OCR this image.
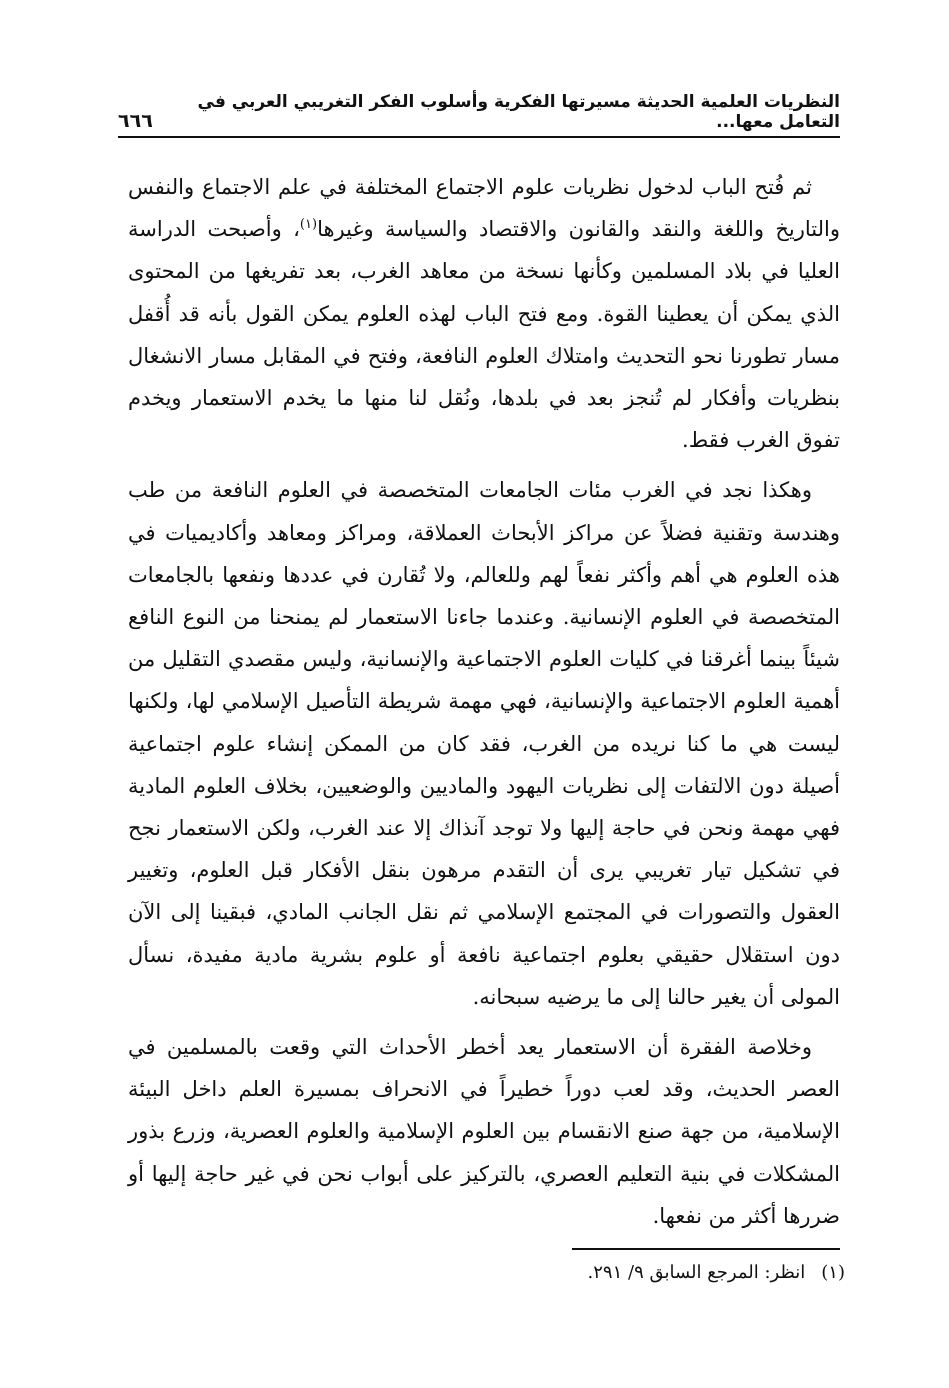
النظريات العلمية الحديثة مسيرتها الفكرية وأسلوب الفكر التغريبي العربي في التعامل معها...
٦٦٦

ثم فُتح الباب لدخول نظريات علوم الاجتماع المختلفة في علم الاجتماع والنفس والتاريخ واللغة والنقد والقانون والاقتصاد والسياسة وغيرها$^{(١)}$، وأصبحت الدراسة العليا في بلاد المسلمين وكأنها نسخة من معاهد الغرب، بعد تفريغها من المحتوى الذي يمكن أن يعطينا القوة. ومع فتح الباب لهذه العلوم يمكن القول بأنه قد أُقفل مسار تطورنا نحو التحديث وامتلاك العلوم النافعة، وفتح في المقابل مسار الانشغال بنظريات وأفكار لم تُنجز بعد في بلدها، ونُقل لنا منها ما يخدم الاستعمار ويخدم تفوق الغرب فقط.

وهكذا نجد في الغرب مئات الجامعات المتخصصة في العلوم النافعة من طب وهندسة وتقنية فضلاً عن مراكز الأبحاث العملاقة، ومراكز ومعاهد وأكاديميات في هذه العلوم هي أهم وأكثر نفعاً لهم وللعالم، ولا تُقارن في عددها ونفعها بالجامعات المتخصصة في العلوم الإنسانية. وعندما جاءنا الاستعمار لم يمنحنا من النوع النافع شيئاً بينما أغرقنا في كليات العلوم الاجتماعية والإنسانية، وليس مقصدي التقليل من أهمية العلوم الاجتماعية والإنسانية، فهي مهمة شريطة التأصيل الإسلامي لها، ولكنها ليست هي ما كنا نريده من الغرب، فقد كان من الممكن إنشاء علوم اجتماعية أصيلة دون الالتفات إلى نظريات اليهود والماديين والوضعيين، بخلاف العلوم المادية فهي مهمة ونحن في حاجة إليها ولا توجد آنذاك إلا عند الغرب، ولكن الاستعمار نجح في تشكيل تيار تغريبي يرى أن التقدم مرهون بنقل الأفكار قبل العلوم، وتغيير العقول والتصورات في المجتمع الإسلامي ثم نقل الجانب المادي، فبقينا إلى الآن دون استقلال حقيقي بعلوم اجتماعية نافعة أو علوم بشرية مادية مفيدة، نسأل المولى أن يغير حالنا إلى ما يرضيه سبحانه.

وخلاصة الفقرة أن الاستعمار يعد أخطر الأحداث التي وقعت بالمسلمين في العصر الحديث، وقد لعب دوراً خطيراً في الانحراف بمسيرة العلم داخل البيئة الإسلامية، من جهة صنع الانقسام بين العلوم الإسلامية والعلوم العصرية، وزرع بذور المشكلات في بنية التعليم العصري، بالتركيز على أبواب نحن في غير حاجة إليها أو ضررها أكثر من نفعها.

(١)
انظر: المرجع السابق ٩/ ٢٩١.
